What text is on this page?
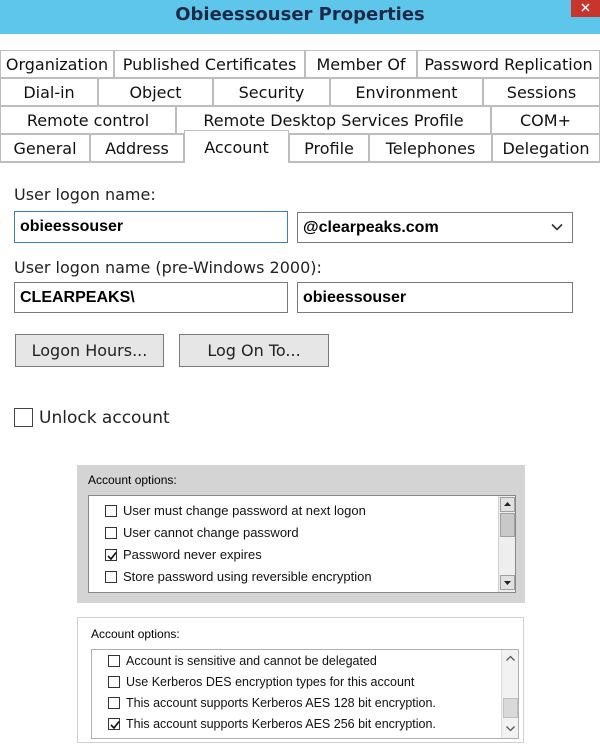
Obieessouser Properties
Organization Published Certificates	Member Of	Password Replication
Dial-in	Object	Security	Environment	Sessions
Remote control	Remote Desktop Services Profile	COM+
General	Address	Account	Profile	Telephones	Delegation
User logon name:
obieessouser	@clearpeaks.com
User logon name (pre-Windows 2000):
CLEARPEAKS\	obieessouser
Logon Hours...	Log On To...
Unlock account
Account options:
User must change password at next logon
User cannot change password
Password never expires
Store password using reversible encryption
Account options:
Account is sensitive and cannot be delegated
Use Kerberos DES encryption types for this account
This account supports Kerberos AES 128 bit encryption.
This account supports Kerberos AES 256 bit encryption.
